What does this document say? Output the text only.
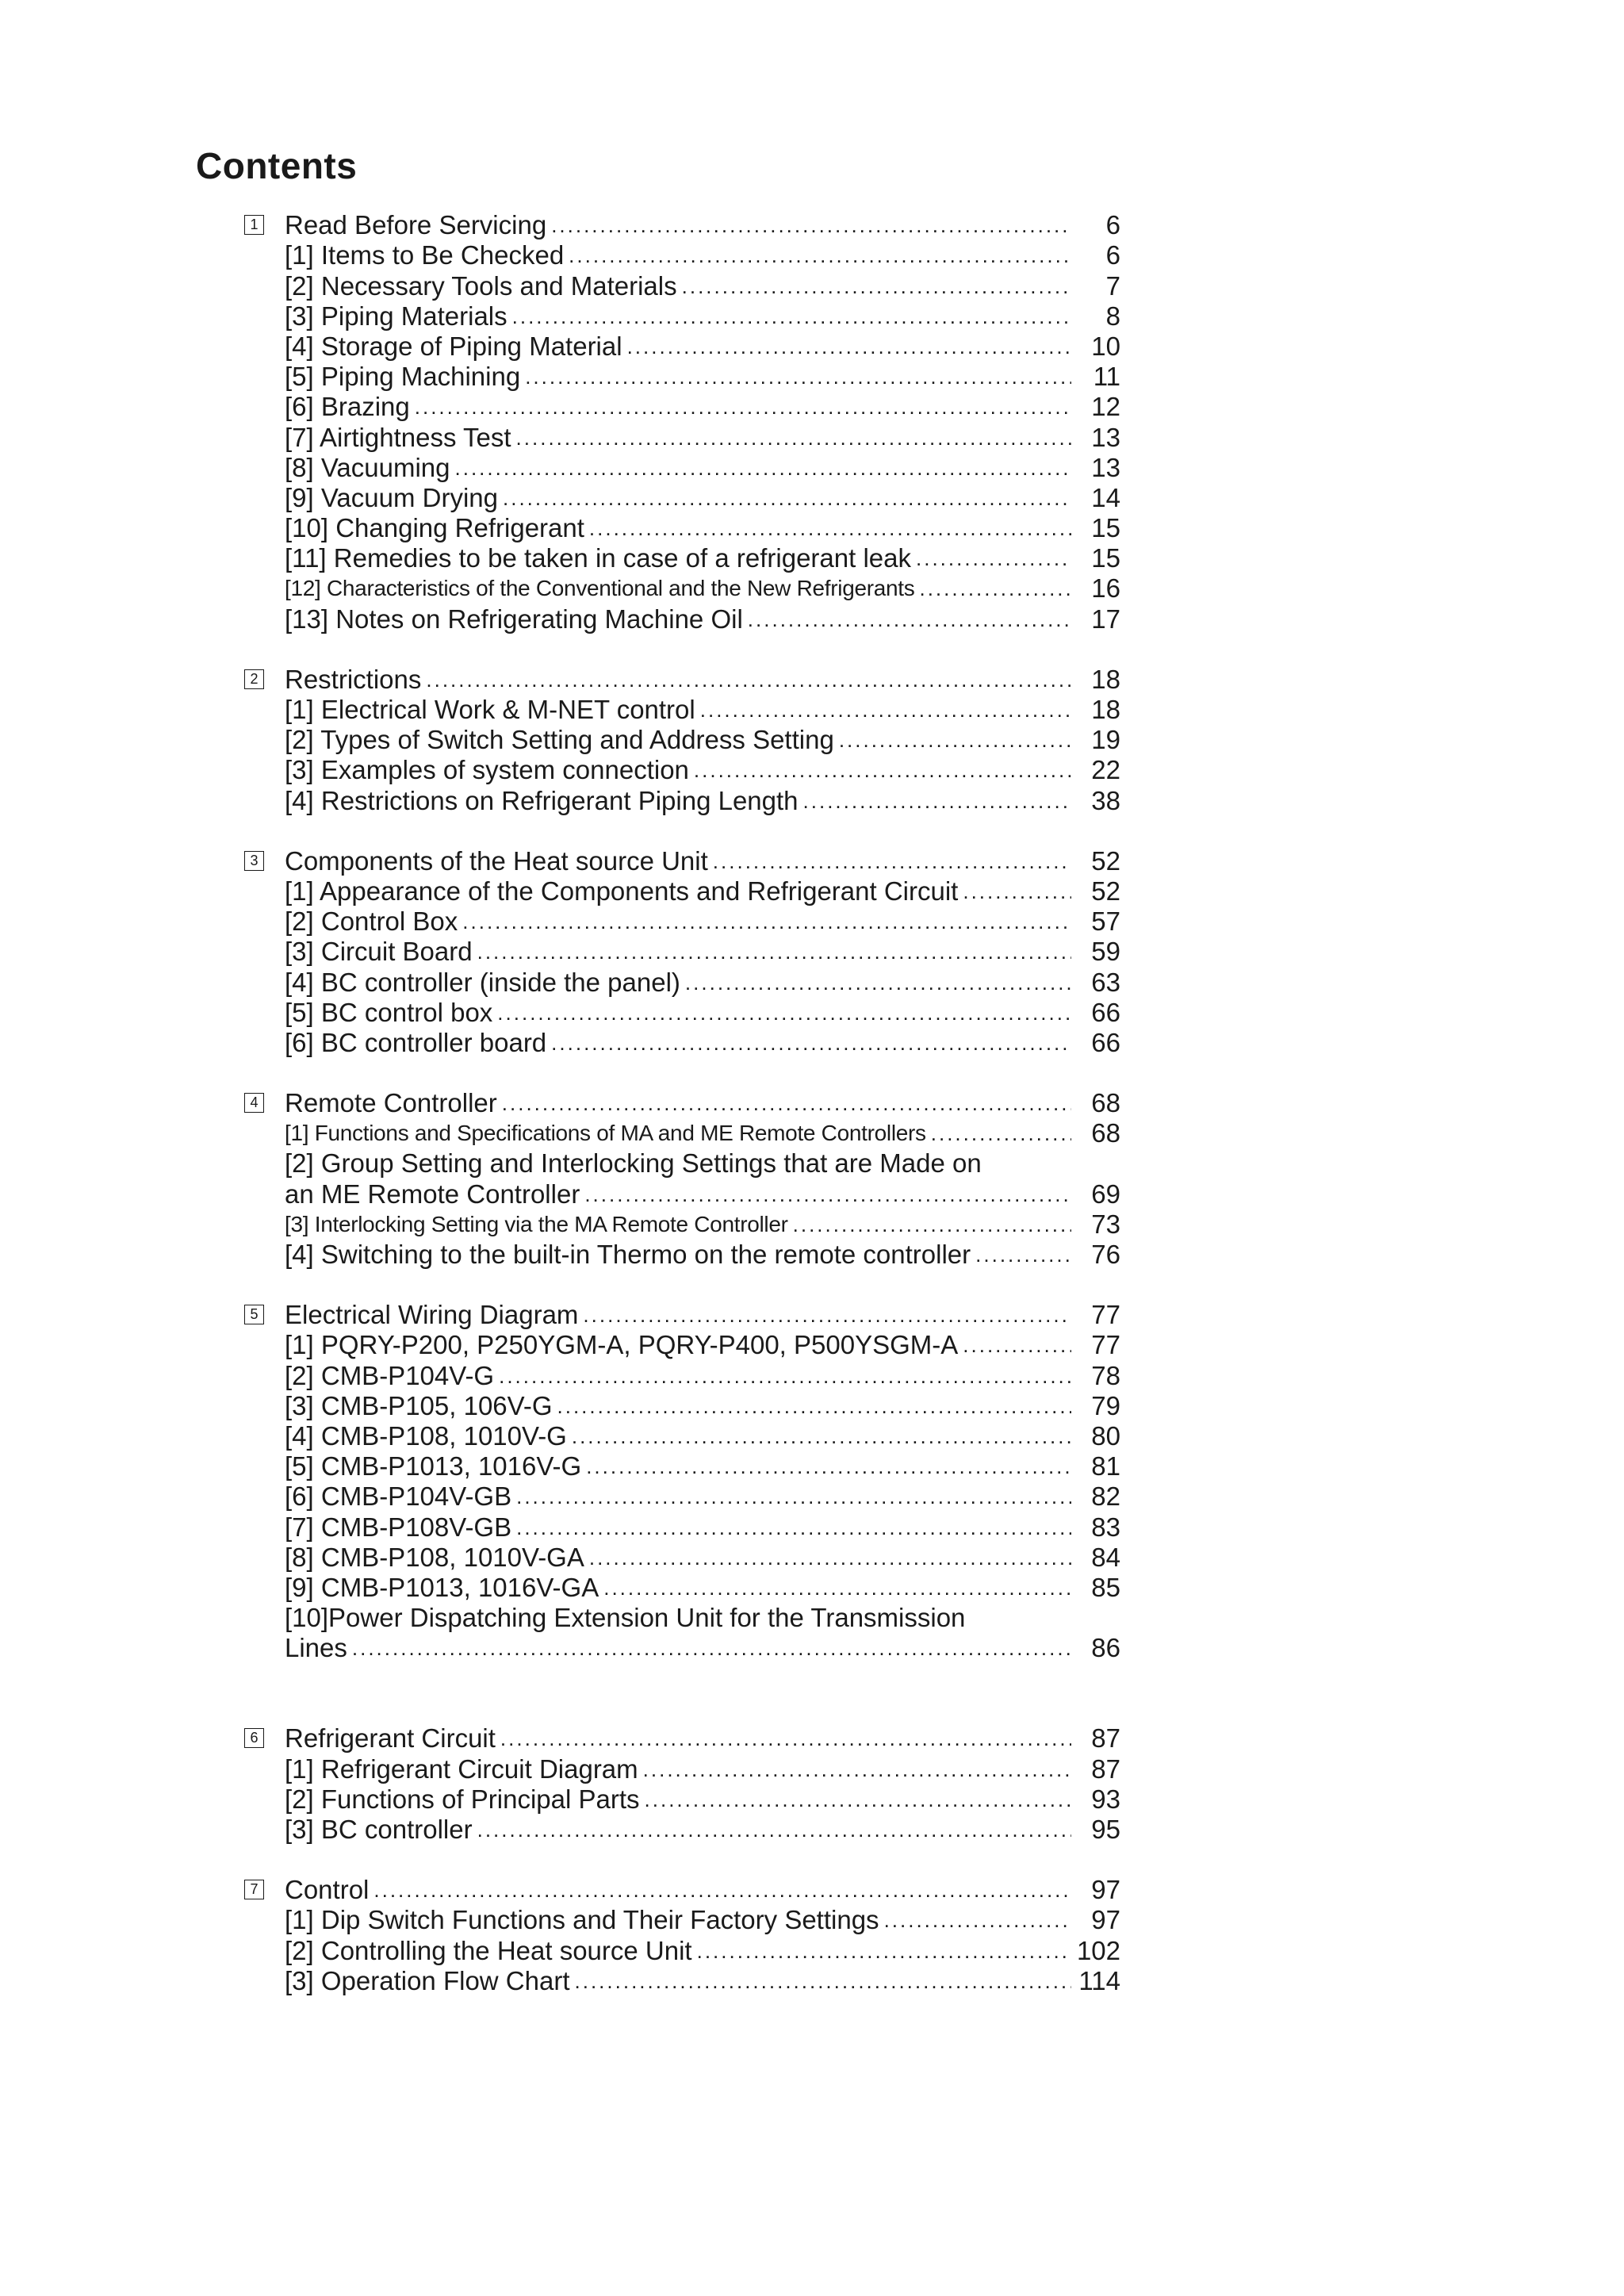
Contents
1 Read Before Servicing .....	6
[1] Items to Be Checked .....	6
[2] Necessary Tools and Materials .....	7
[3] Piping Materials .....	8
[4] Storage of Piping Material .....	10
[5] Piping Machining .....	11
[6] Brazing .....	12
[7] Airtightness Test .....	13
[8] Vacuuming .....	13
[9] Vacuum Drying .....	14
[10] Changing Refrigerant .....	15
[11] Remedies to be taken in case of a refrigerant leak .....	15
[12] Characteristics of the Conventional and the New Refrigerants .....	16
[13] Notes on Refrigerating Machine Oil .....	17
2 Restrictions .....	18
[1] Electrical Work & M-NET control .....	18
[2] Types of Switch Setting and Address Setting .....	19
[3] Examples of system connection .....	22
[4] Restrictions on Refrigerant Piping Length .....	38
3 Components of the Heat source Unit .....	52
[1] Appearance of the Components and Refrigerant Circuit .....	52
[2] Control Box .....	57
[3] Circuit Board .....	59
[4] BC controller (inside the panel) .....	63
[5] BC control box .....	66
[6] BC controller board .....	66
4 Remote Controller .....	68
[1] Functions and Specifications of MA and ME Remote Controllers .....	68
[2] Group Setting and Interlocking Settings that are Made on
an ME Remote Controller .....	69
[3] Interlocking Setting via the MA Remote Controller .....	73
[4] Switching to the built-in Thermo on the remote controller .....	76
5 Electrical Wiring Diagram .....	77
[1] PQRY-P200, P250YGM-A, PQRY-P400, P500YSGM-A .....	77
[2] CMB-P104V-G .....	78
[3] CMB-P105, 106V-G .....	79
[4] CMB-P108, 1010V-G .....	80
[5] CMB-P1013, 1016V-G .....	81
[6] CMB-P104V-GB .....	82
[7] CMB-P108V-GB .....	83
[8] CMB-P108, 1010V-GA .....	84
[9] CMB-P1013, 1016V-GA .....	85
[10]Power Dispatching Extension Unit for the Transmission
Lines .....	86
6 Refrigerant Circuit .....	87
[1] Refrigerant Circuit Diagram .....	87
[2] Functions of Principal Parts .....	93
[3] BC controller .....	95
7 Control .....	97
[1] Dip Switch Functions and Their Factory Settings .....	97
[2] Controlling the Heat source Unit .....	102
[3] Operation Flow Chart .....	114
